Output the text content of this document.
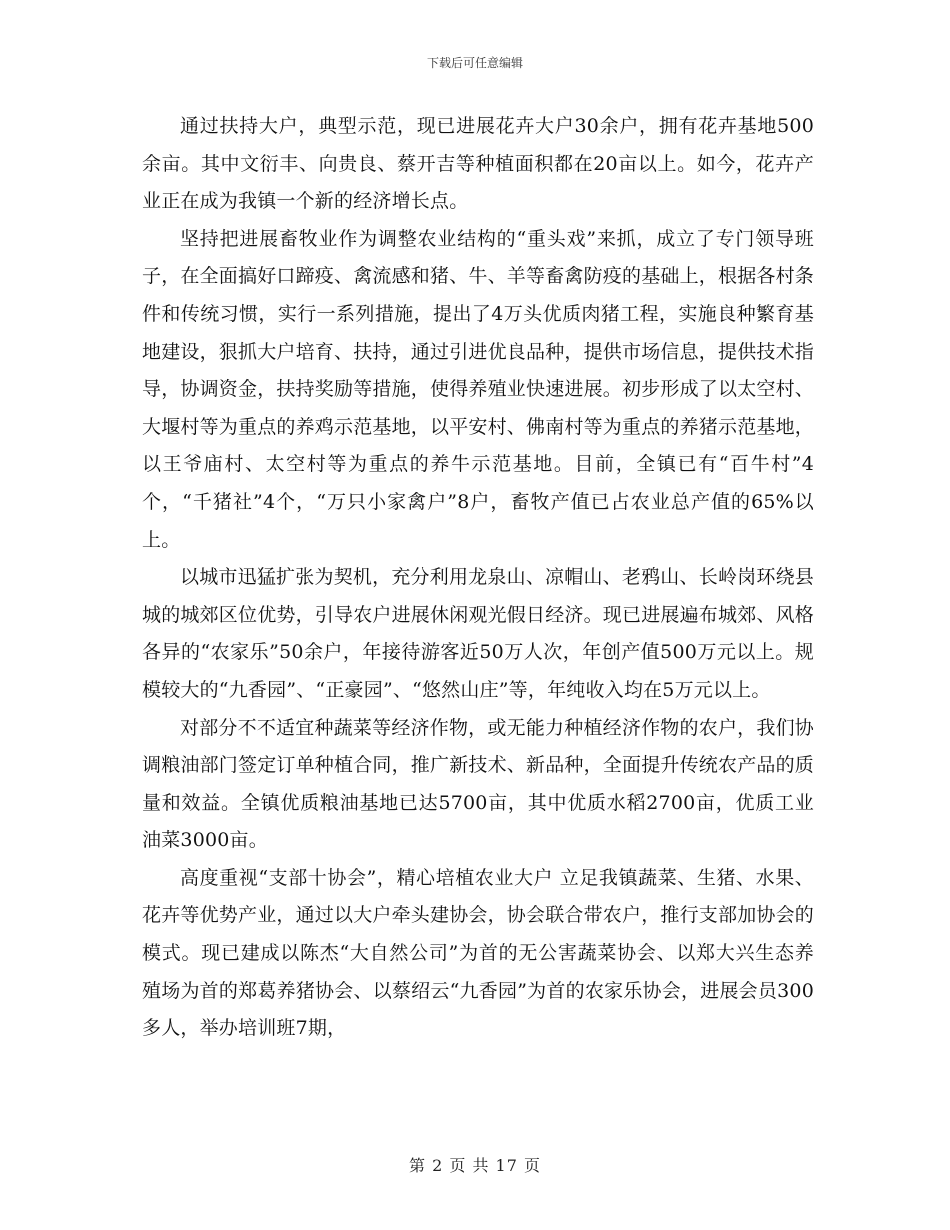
下载后可任意编辑

通过扶持大户，典型示范，现已进展花卉大户30余户，拥有花卉基地500余亩。其中文衍丰、向贵良、蔡开吉等种植面积都在20亩以上。如今，花卉产业正在成为我镇一个新的经济增长点。

坚持把进展畜牧业作为调整农业结构的“重头戏”来抓，成立了专门领导班子，在全面搞好口蹄疫、禽流感和猪、牛、羊等畜禽防疫的基础上，根据各村条件和传统习惯，实行一系列措施，提出了4万头优质肉猪工程，实施良种繁育基地建设，狠抓大户培育、扶持，通过引进优良品种，提供市场信息，提供技术指导，协调资金，扶持奖励等措施，使得养殖业快速进展。初步形成了以太空村、大堰村等为重点的养鸡示范基地，以平安村、佛南村等为重点的养猪示范基地，以王爷庙村、太空村等为重点的养牛示范基地。目前，全镇已有“百牛村”4个，“千猪社”4个，“万只小家禽户”8户，畜牧产值已占农业总产值的65%以上。

以城市迅猛扩张为契机，充分利用龙泉山、凉帽山、老鸦山、长岭岗环绕县城的城郊区位优势，引导农户进展休闲观光假日经济。现已进展遍布城郊、风格各异的“农家乐”50余户，年接待游客近50万人次，年创产值500万元以上。规模较大的“九香园”、“正豪园”、“悠然山庄”等，年纯收入均在5万元以上。

对部分不不适宜种蔬菜等经济作物，或无能力种植经济作物的农户，我们协调粮油部门签定订单种植合同，推广新技术、新品种，全面提升传统农产品的质量和效益。全镇优质粮油基地已达5700亩，其中优质水稻2700亩，优质工业油菜3000亩。

高度重视“支部十协会”，精心培植农业大户 立足我镇蔬菜、生猪、水果、花卉等优势产业，通过以大户牵头建协会，协会联合带农户，推行支部加协会的模式。现已建成以陈杰“大自然公司”为首的无公害蔬菜协会、以郑大兴生态养殖场为首的郑葛养猪协会、以蔡绍云“九香园”为首的农家乐协会，进展会员300多人，举办培训班7期，

第 2 页 共 17 页
